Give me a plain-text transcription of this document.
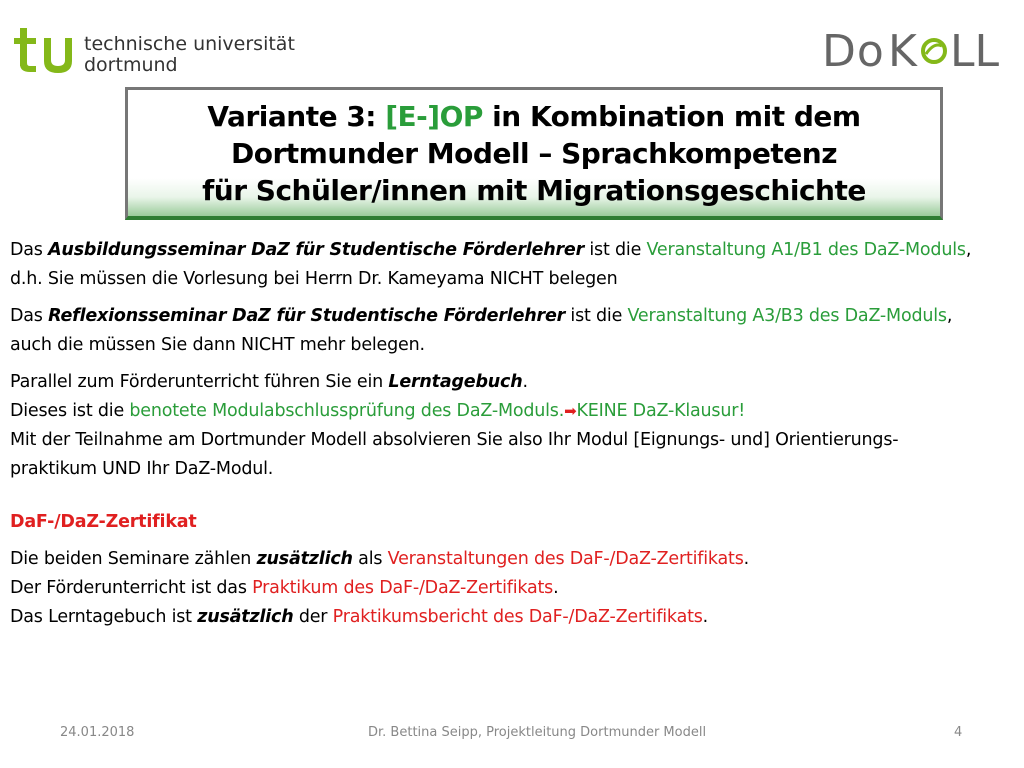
technische universität
dortmund	Do K LL
Variante 3: [E-]OP in Kombination mit dem
Dortmunder Modell – Sprachkompetenz
für Schüler/innen mit Migrationsgeschichte

Das Ausbildungsseminar DaZ für Studentische Förderlehrer ist die Veranstaltung A1/B1 des DaZ-Moduls,
d.h. Sie müssen die Vorlesung bei Herrn Dr. Kameyama NICHT belegen

Das Reflexionsseminar DaZ für Studentische Förderlehrer ist die Veranstaltung A3/B3 des DaZ-Moduls,
auch die müssen Sie dann NICHT mehr belegen.

Parallel zum Förderunterricht führen Sie ein Lerntagebuch.
Dieses ist die benotete Modulabschlussprüfung des DaZ-Moduls.➡KEINE DaZ-Klausur!
Mit der Teilnahme am Dortmunder Modell absolvieren Sie also Ihr Modul [Eignungs- und] Orientierungs-
praktikum UND Ihr DaZ-Modul.

DaF-/DaZ-Zertifikat
Die beiden Seminare zählen zusätzlich als Veranstaltungen des DaF-/DaZ-Zertifikats.
Der Förderunterricht ist das Praktikum des DaF-/DaZ-Zertifikats.
Das Lerntagebuch ist zusätzlich der Praktikumsbericht des DaF-/DaZ-Zertifikats.

24.01.2018	Dr. Bettina Seipp, Projektleitung Dortmunder Modell	4
